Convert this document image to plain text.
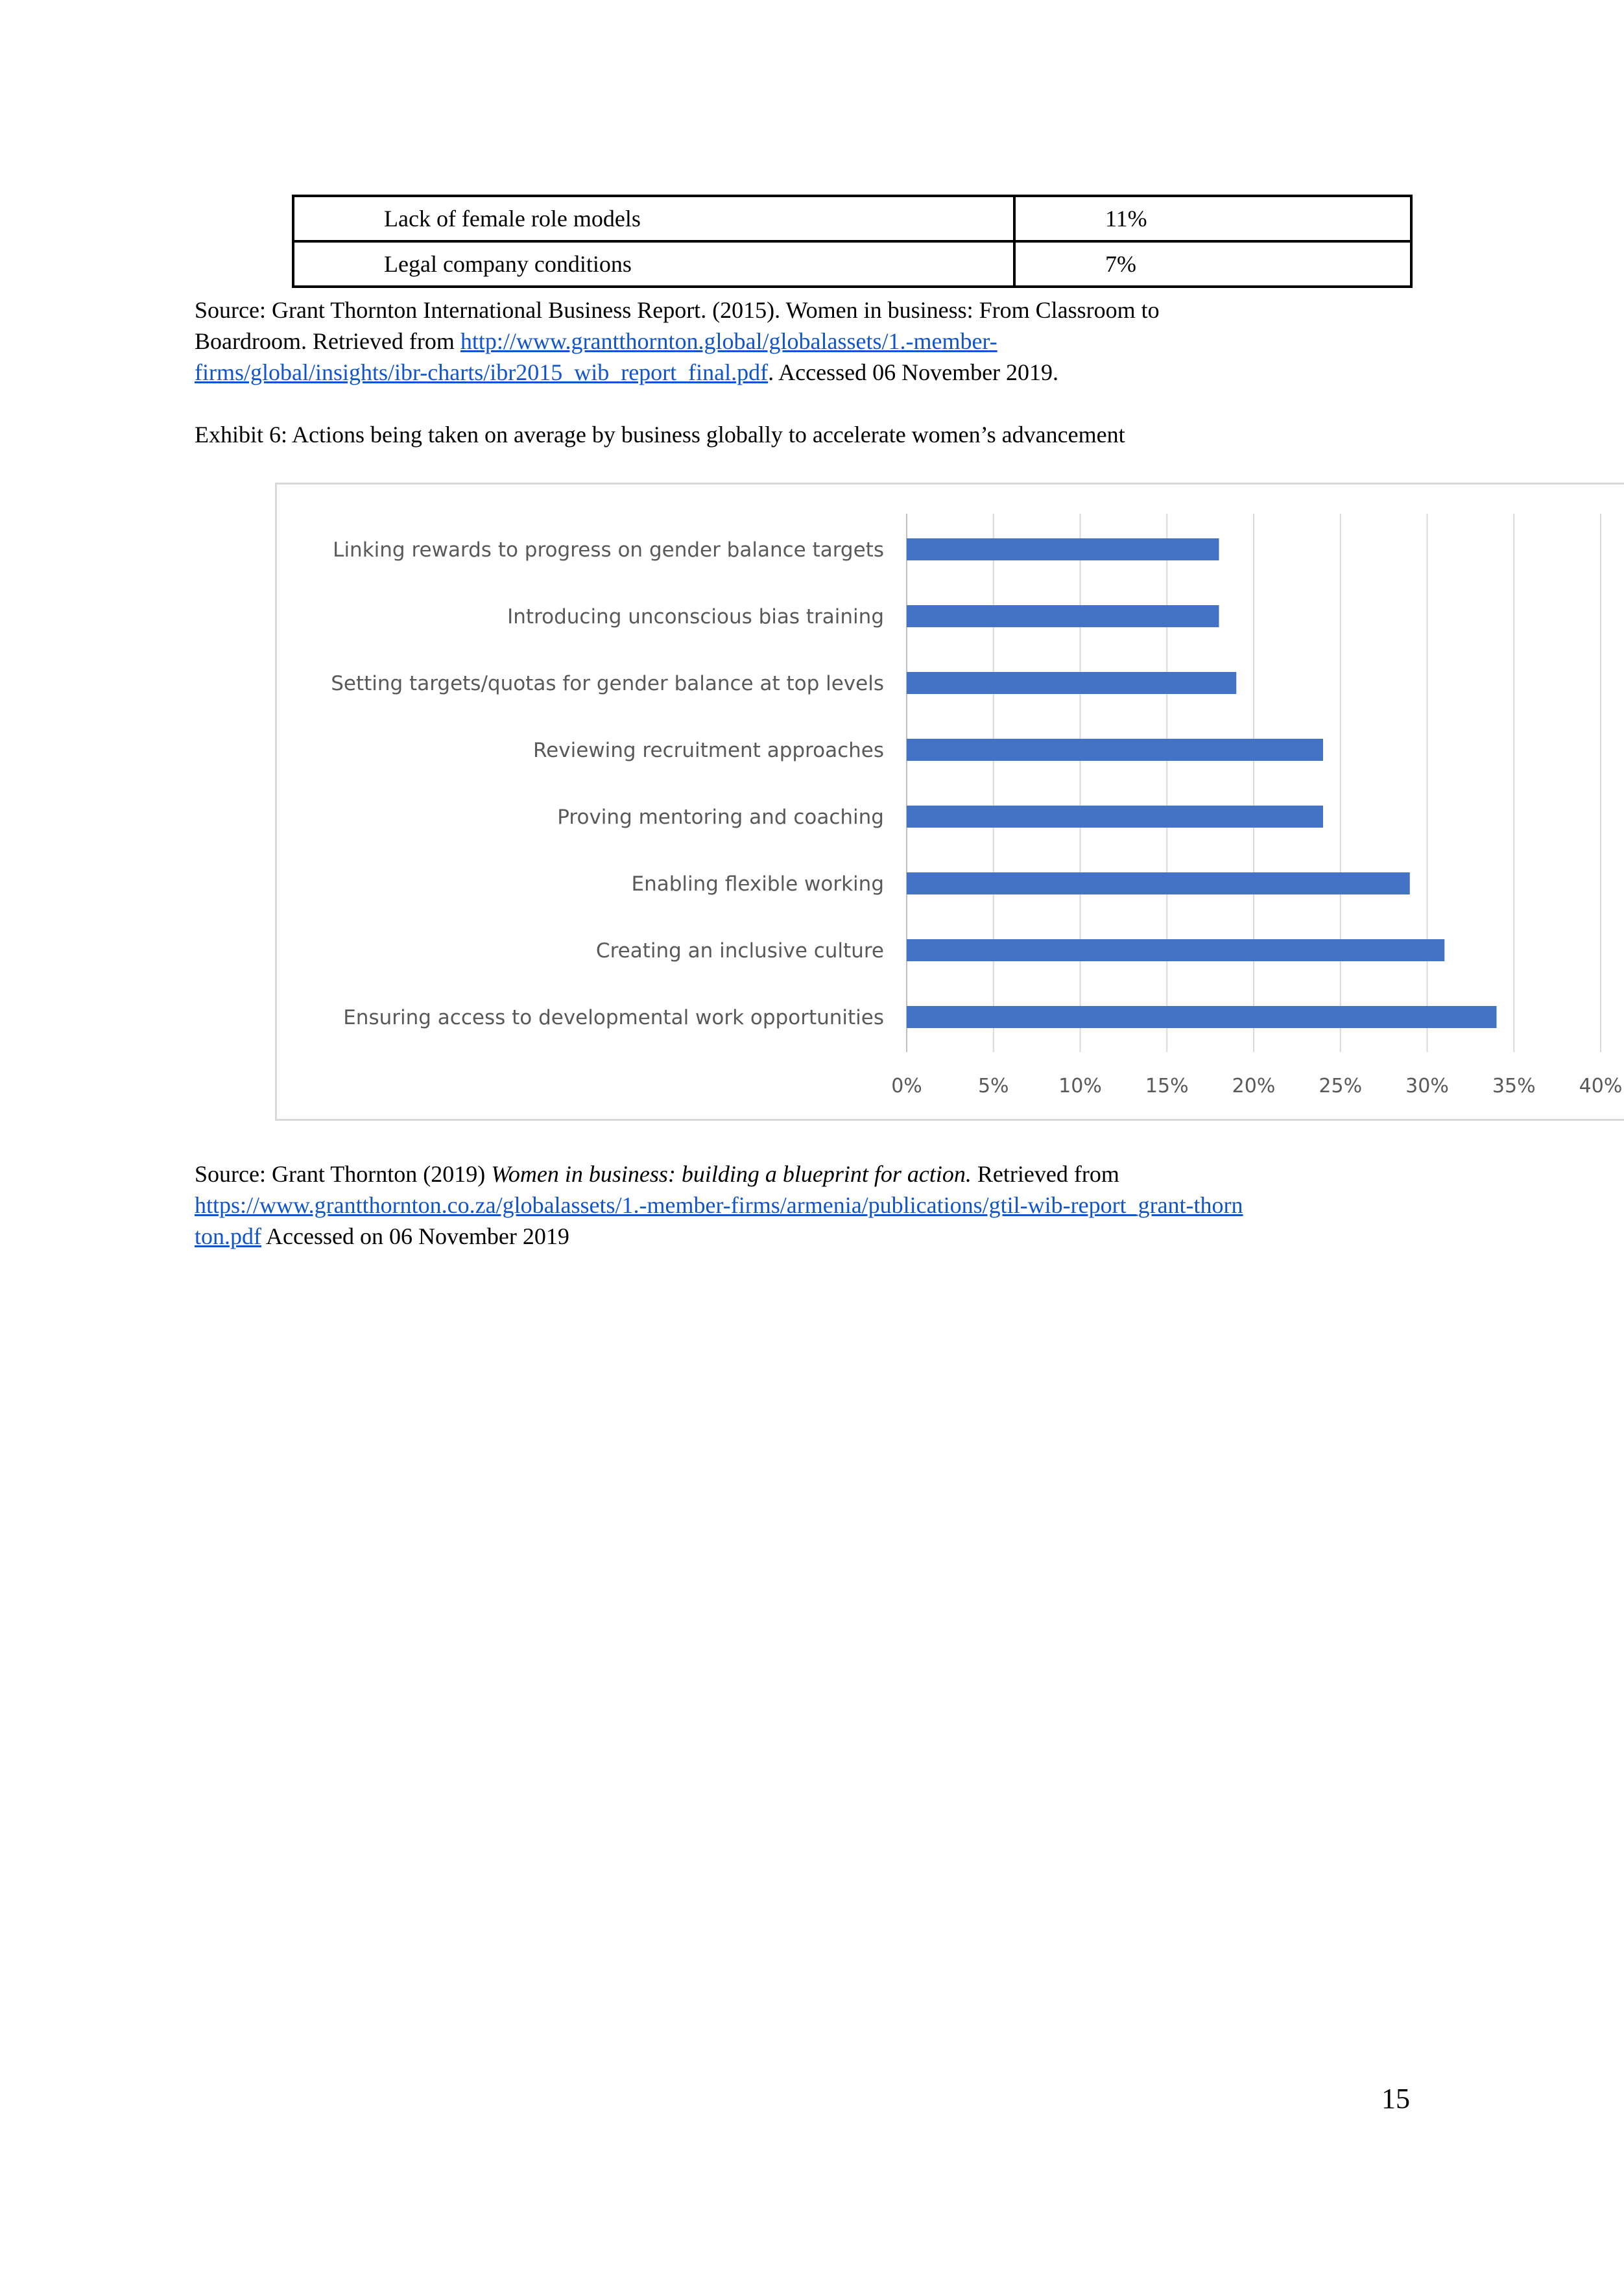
Lack of female role models	11%
Legal company conditions	7%
Source: Grant Thornton International Business Report. (2015). Women in business: From Classroom to
Boardroom. Retrieved from http://www.grantthornton.global/globalassets/1.-member-
firms/global/insights/ibr-charts/ibr2015_wib_report_final.pdf. Accessed 06 November 2019.
Exhibit 6: Actions being taken on average by business globally to accelerate women’s advancement
0%	5%	10% 15% 20% 25% 30% 35% 40%
Linking rewards to progress on gender balance targets
Introducing unconscious bias training
Setting targets/quotas for gender balance at top levels
Reviewing recruitment approaches
Proving mentoring and coaching
Enabling flexible working
Creating an inclusive culture
Ensuring access to developmental work opportunities
Source: Grant Thornton (2019) Women in business: building a blueprint for action. Retrieved from
https://www.grantthornton.co.za/globalassets/1.-member-firms/armenia/publications/gtil-wib-report_grant-thorn
ton.pdf Accessed on 06 November 2019
15
